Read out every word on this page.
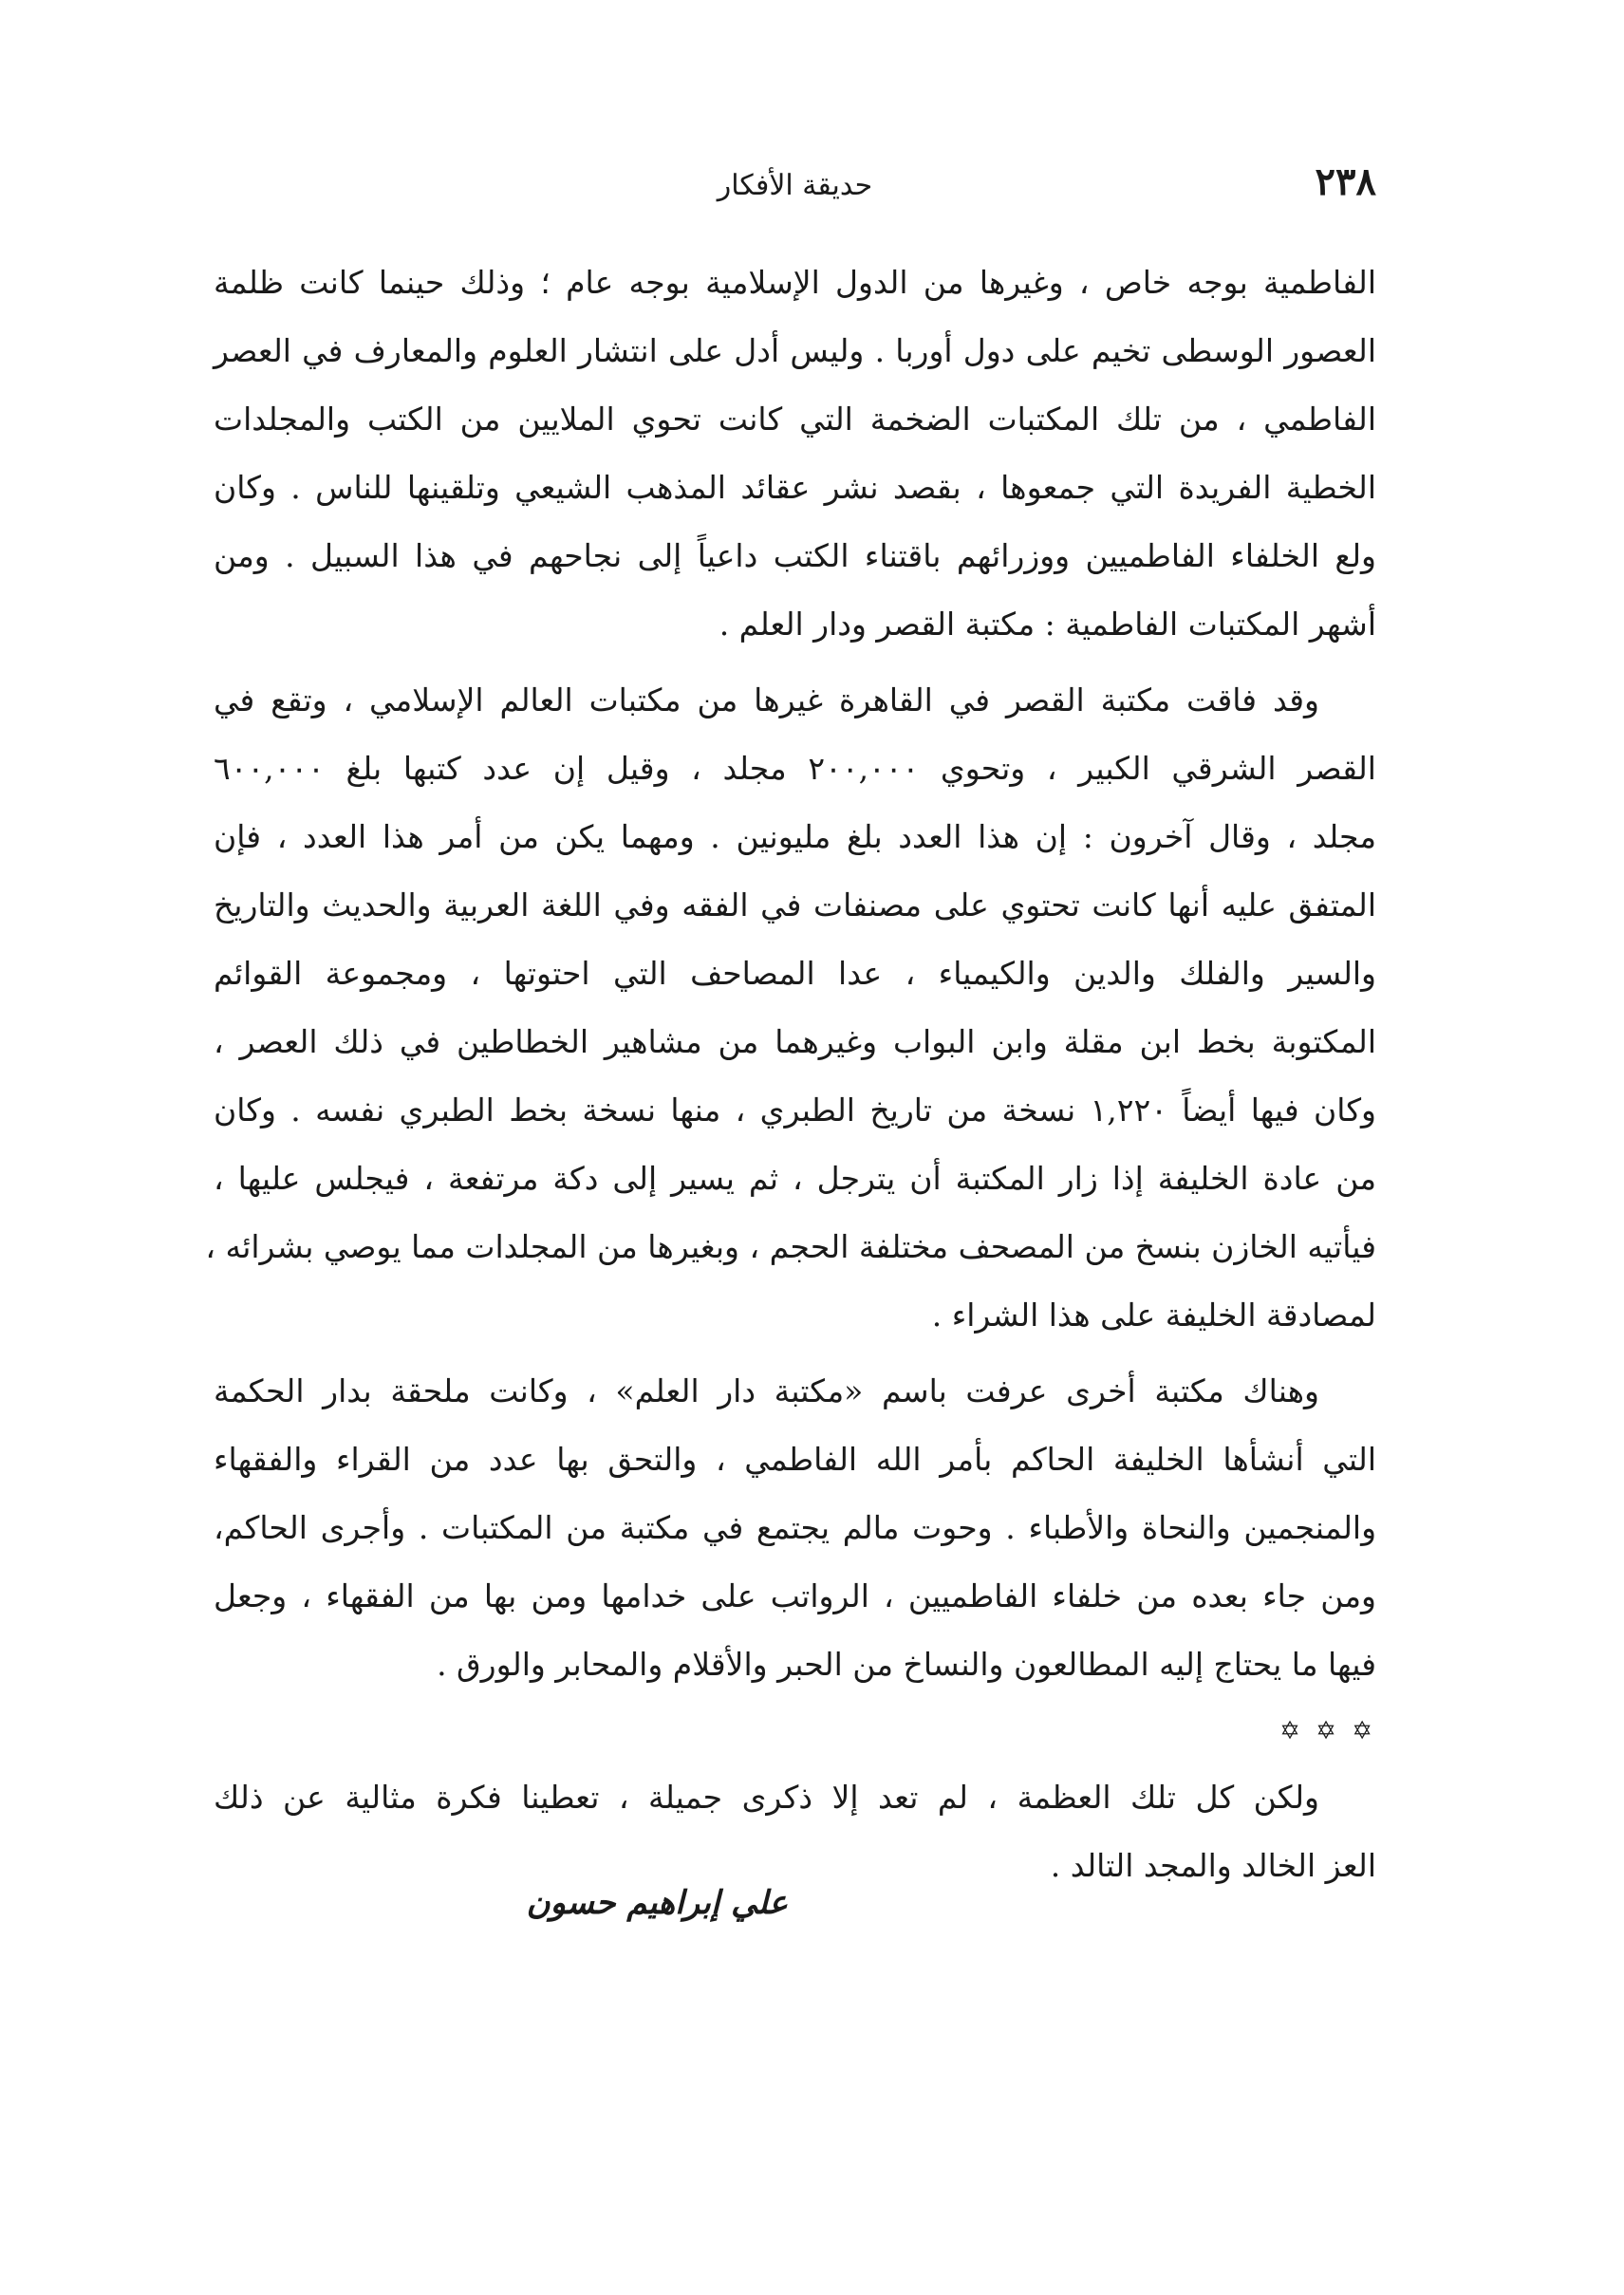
٢٣٨
حديقة الأفكار

الفاطمية بوجه خاص ، وغيرها من الدول الإسلامية بوجه عام ؛ وذلك حينما كانت ظلمة
العصور الوسطى تخيم على دول أوربا . وليس أدل على انتشار العلوم والمعارف في العصر
الفاطمي ، من تلك المكتبات الضخمة التي كانت تحوي الملايين من الكتب والمجلدات
الخطية الفريدة التي جمعوها ، بقصد نشر عقائد المذهب الشيعي وتلقينها للناس . وكان
ولع الخلفاء الفاطميين ووزرائهم باقتناء الكتب داعياً إلى نجاحهم في هذا السبيل . ومن
أشهر المكتبات الفاطمية : مكتبة القصر ودار العلم .

وقد فاقت مكتبة القصر في القاهرة غيرها من مكتبات العالم الإسلامي ، وتقع في
القصر الشرقي الكبير ، وتحوي ٢٠٠,٠٠٠ مجلد ، وقيل إن عدد كتبها بلغ ٦٠٠,٠٠٠
مجلد ، وقال آخرون : إن هذا العدد بلغ مليونين . ومهما يكن من أمر هذا العدد ، فإن
المتفق عليه أنها كانت تحتوي على مصنفات في الفقه وفي اللغة العربية والحديث والتاريخ
والسير والفلك والدين والكيمياء ، عدا المصاحف التي احتوتها ، ومجموعة القوائم
المكتوبة بخط ابن مقلة وابن البواب وغيرهما من مشاهير الخطاطين في ذلك العصر ،
وكان فيها أيضاً ١,٢٢٠ نسخة من تاريخ الطبري ، منها نسخة بخط الطبري نفسه . وكان
من عادة الخليفة إذا زار المكتبة أن يترجل ، ثم يسير إلى دكة مرتفعة ، فيجلس عليها ،
فيأتيه الخازن بنسخ من المصحف مختلفة الحجم ، وبغيرها من المجلدات مما يوصي بشرائه ،
لمصادقة الخليفة على هذا الشراء .

وهناك مكتبة أخرى عرفت باسم «مكتبة دار العلم» ، وكانت ملحقة بدار الحكمة
التي أنشأها الخليفة الحاكم بأمر الله الفاطمي ، والتحق بها عدد من القراء والفقهاء
والمنجمين والنحاة والأطباء . وحوت مالم يجتمع في مكتبة من المكتبات . وأجرى الحاكم،
ومن جاء بعده من خلفاء الفاطميين ، الرواتب على خدامها ومن بها من الفقهاء ، وجعل
فيها ما يحتاج إليه المطالعون والنساخ من الحبر والأقلام والمحابر والورق .

✡ ✡ ✡

ولكن كل تلك العظمة ، لم تعد إلا ذكرى جميلة ، تعطينا فكرة مثالية عن ذلك
العز الخالد والمجد التالد .

علي إبراهيم حسون
